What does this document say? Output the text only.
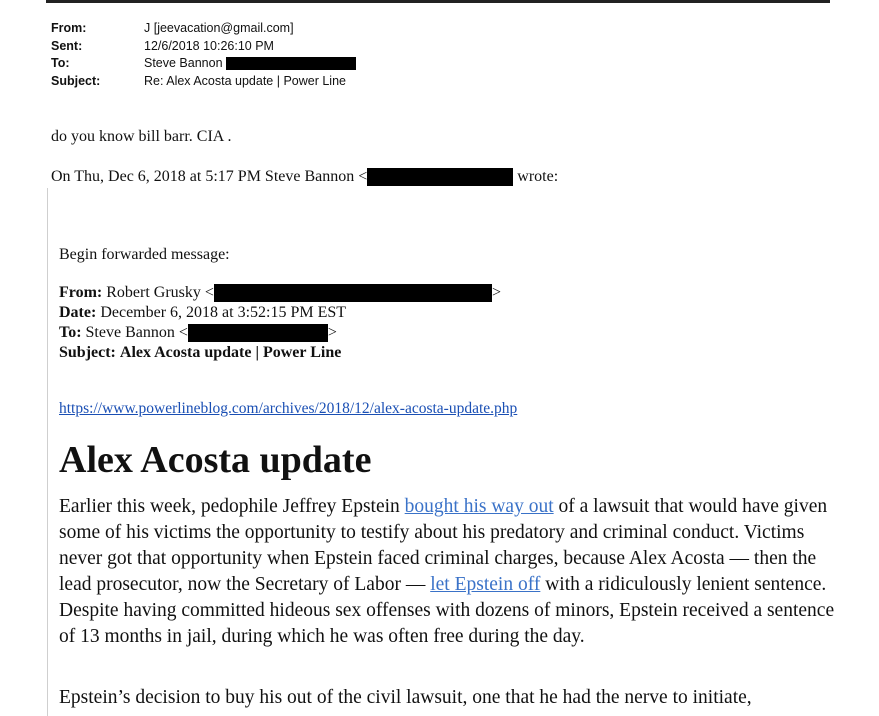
From:	J [jeevacation@gmail.com]
Sent:	12/6/2018 10:26:10 PM
To:	Steve Bannon
Subject:	Re: Alex Acosta update | Power Line
do you know bill barr. CIA .
On Thu, Dec 6, 2018 at 5:17 PM Steve Bannon <	wrote:
Begin forwarded message:
From: Robert Grusky <	>
Date: December 6, 2018 at 3:52:15 PM EST
To: Steve Bannon <	>
Subject: Alex Acosta update | Power Line
https://www.powerlineblog.com/archives/2018/12/alex-acosta-update.php
Alex Acosta update

Earlier this week, pedophile Jeffrey Epstein bought his way out of a lawsuit that would have given some of his victims the opportunity to testify about his predatory and criminal conduct. Victims never got that opportunity when Epstein faced criminal charges, because Alex Acosta — then the lead prosecutor, now the Secretary of Labor — let Epstein off with a ridiculously lenient sentence. Despite having committed hideous sex offenses with dozens of minors, Epstein received a sentence of 13 months in jail, during which he was often free during the day.

Epstein’s decision to buy his out of the civil lawsuit, one that he had the nerve to initiate,
